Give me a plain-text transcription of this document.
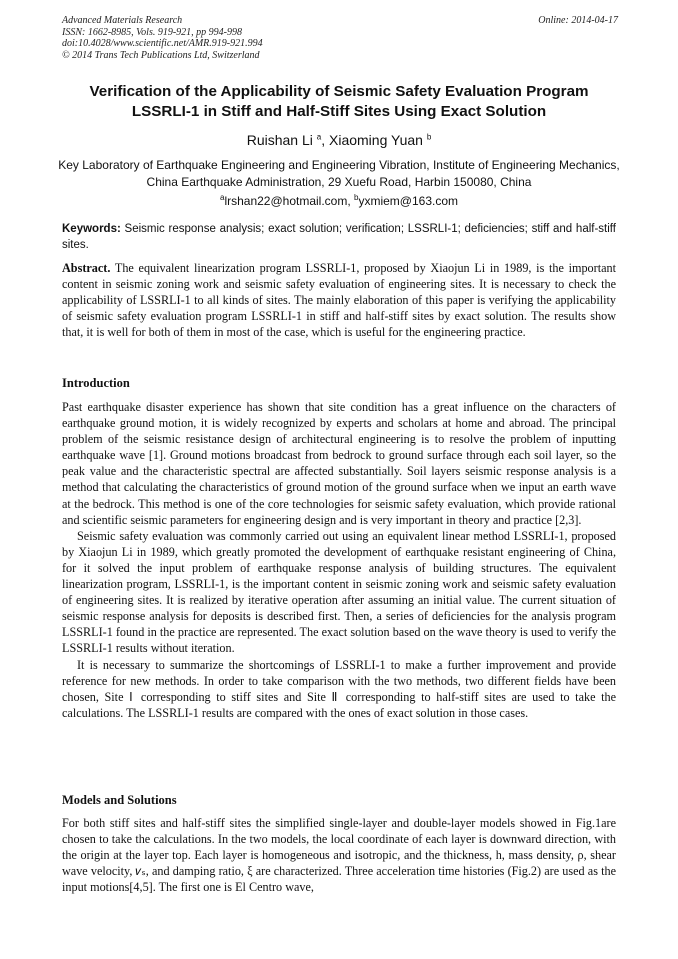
Advanced Materials Research
ISSN: 1662-8985, Vols. 919-921, pp 994-998
doi:10.4028/www.scientific.net/AMR.919-921.994
© 2014 Trans Tech Publications Ltd, Switzerland
Online: 2014-04-17
Verification of the Applicability of Seismic Safety Evaluation Program
LSSRLI-1 in Stiff and Half-Stiff Sites Using Exact Solution
Ruishan Li $^a$, Xiaoming Yuan $^b$
Key Laboratory of Earthquake Engineering and Engineering Vibration, Institute of Engineering Mechanics,
China Earthquake Administration, 29 Xuefu Road, Harbin 150080, China
$^a$lrshan22@hotmail.com, $^b$yxmiem@163.com
Keywords: Seismic response analysis; exact solution; verification; LSSRLI-1; deficiencies; stiff and half-stiff sites.
Abstract. The equivalent linearization program LSSRLI-1, proposed by Xiaojun Li in 1989, is the important content in seismic zoning work and seismic safety evaluation of engineering sites. It is necessary to check the applicability of LSSRLI-1 to all kinds of sites. The mainly elaboration of this paper is verifying the applicability of seismic safety evaluation program LSSRLI-1 in stiff and half-stiff sites by exact solution. The results show that, it is well for both of them in most of the case, which is useful for the engineering practice.
Introduction

Past earthquake disaster experience has shown that site condition has a great influence on the characters of earthquake ground motion, it is widely recognized by experts and scholars at home and abroad. The principal problem of the seismic resistance design of architectural engineering is to resolve the problem of inputting earthquake wave [1]. Ground motions broadcast from bedrock to ground surface through each soil layer, so the peak value and the characteristic spectral are affected substantially. Soil layers seismic response analysis is a method that calculating the characteristics of ground motion of the ground surface when we input an earth wave at the bedrock. This method is one of the core technologies for seismic safety evaluation, which provide rational and scientific seismic parameters for engineering design and is very important in theory and practice [2,3].

Seismic safety evaluation was commonly carried out using an equivalent linear method LSSRLI-1, proposed by Xiaojun Li in 1989, which greatly promoted the development of earthquake resistant engineering of China, for it solved the input problem of earthquake response analysis of building structures. The equivalent linearization program, LSSRLI-1, is the important content in seismic zoning work and seismic safety evaluation of engineering sites. It is realized by iterative operation after assuming an initial value. The current situation of seismic response analysis for deposits is described first. Then, a series of deficiencies for the analysis program LSSRLI-1 found in the practice are represented. The exact solution based on the wave theory is used to verify the LSSRLI-1 results without iteration.

It is necessary to summarize the shortcomings of LSSRLI-1 to make a further improvement and provide reference for new methods. In order to take comparison with the two methods, two different fields have been chosen, Site Ⅰ corresponding to stiff sites and Site Ⅱ corresponding to half-stiff sites are used to take the calculations. The LSSRLI-1 results are compared with the ones of exact solution in those cases.

Models and Solutions

For both stiff sites and half-stiff sites the simplified single-layer and double-layer models showed in Fig.1are chosen to take the calculations. In the two models, the local coordinate of each layer is downward direction, with the origin at the layer top. Each layer is homogeneous and isotropic, and the thickness, h, mass density, ρ, shear wave velocity, 𝑣ₛ, and damping ratio, ξ are characterized. Three acceleration time histories (Fig.2) are used as the input motions[4,5]. The first one is El Centro wave,
